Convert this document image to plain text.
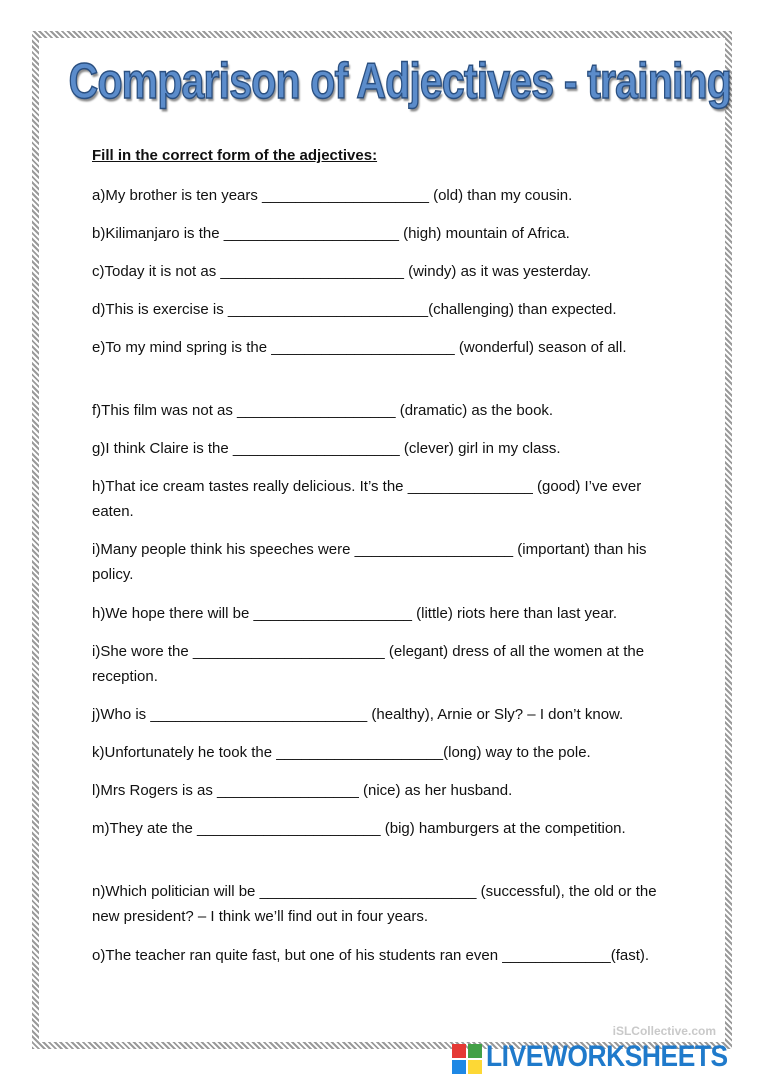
Comparison of Adjectives - training
Fill in the correct form of the adjectives:

a)My brother is ten years ____________________ (old) than my cousin.

b)Kilimanjaro is the _____________________ (high) mountain of Africa.

c)Today it is not as ______________________ (windy) as it was yesterday.

d)This is exercise is ________________________(challenging) than expected.

e)To my mind spring is the ______________________ (wonderful) season of all.

f)This film was not as ___________________ (dramatic) as the book.

g)I think Claire is the ____________________ (clever) girl in my class.

h)That ice cream tastes really delicious. It’s the _______________ (good) I’ve ever eaten.

i)Many people think his speeches were ___________________ (important) than his policy.

h)We hope there will be ___________________ (little) riots here than last year.

i)She wore the _______________________ (elegant) dress of all the women at the reception.

j)Who is __________________________ (healthy), Arnie or Sly? – I don’t know.

k)Unfortunately he took the ____________________(long) way to the pole.

l)Mrs Rogers is as _________________ (nice) as her husband.

m)They ate the ______________________ (big) hamburgers at the competition.

n)Which politician will be __________________________ (successful), the old or the new president? – I think we’ll find out in four years.

o)The teacher ran quite fast, but one of his students ran even _____________(fast).

iSLCollective.com
LIVEWORKSHEETS
